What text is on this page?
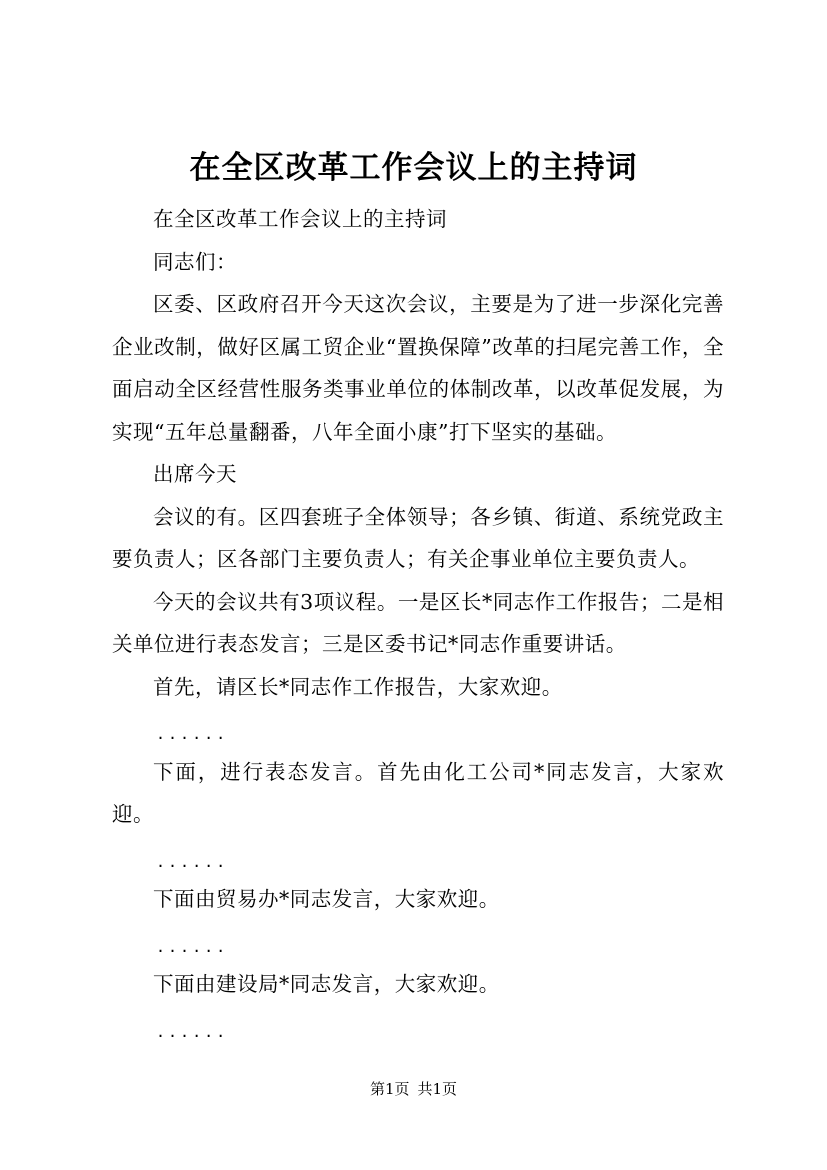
在全区改革工作会议上的主持词

在全区改革工作会议上的主持词

同志们：

区委、区政府召开今天这次会议，主要是为了进一步深化完善企业改制，做好区属工贸企业“置换保障”改革的扫尾完善工作，全面启动全区经营性服务类事业单位的体制改革，以改革促发展，为实现“五年总量翻番，八年全面小康”打下坚实的基础。

出席今天

会议的有。区四套班子全体领导；各乡镇、街道、系统党政主要负责人；区各部门主要负责人；有关企事业单位主要负责人。

今天的会议共有3项议程。一是区长*同志作工作报告；二是相关单位进行表态发言；三是区委书记*同志作重要讲话。

首先，请区长*同志作工作报告，大家欢迎。

......

下面，进行表态发言。首先由化工公司*同志发言，大家欢迎。

......

下面由贸易办*同志发言，大家欢迎。

......

下面由建设局*同志发言，大家欢迎。

......

第1页 共1页
